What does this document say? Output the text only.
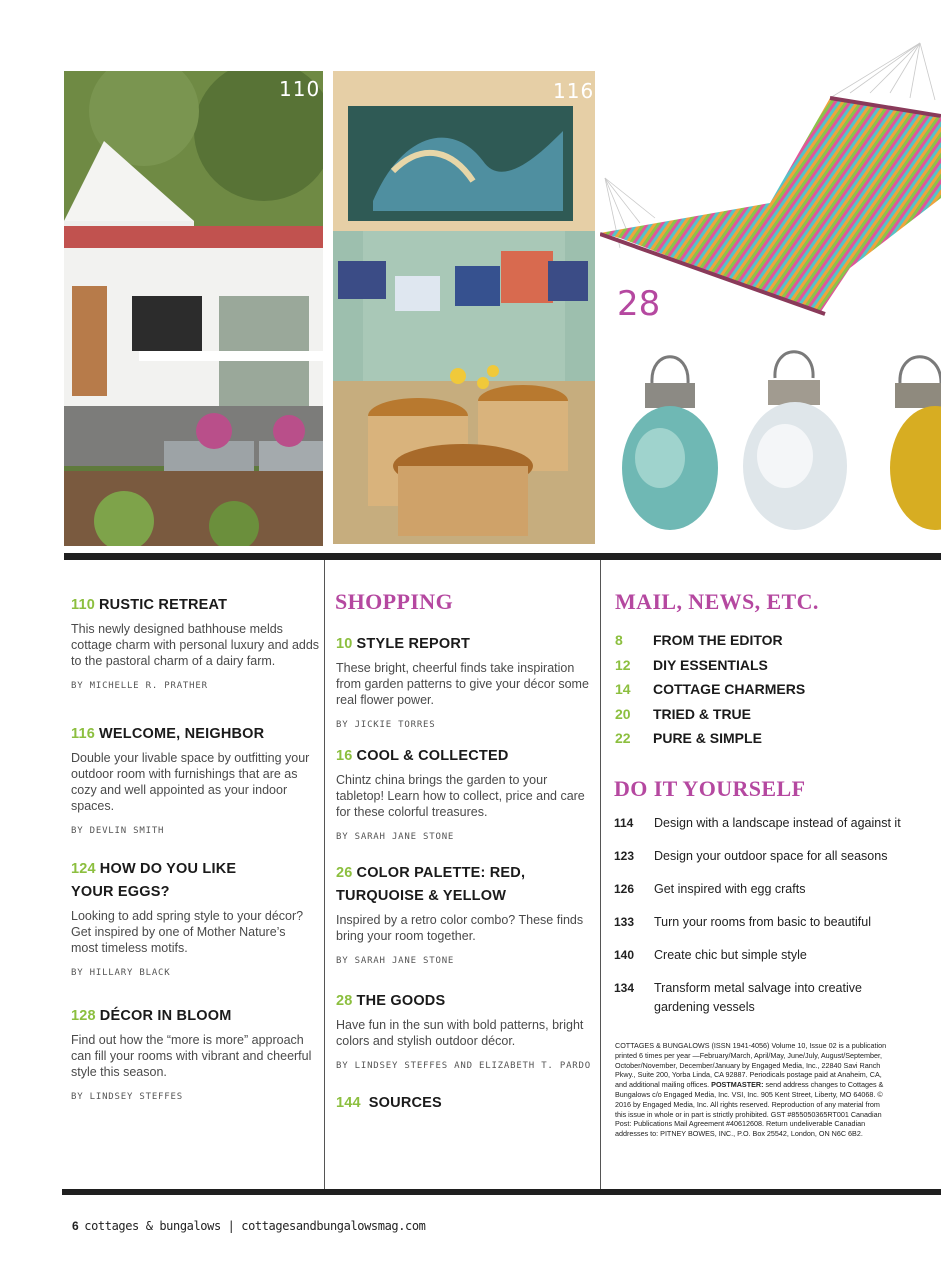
110	116
28
110 RUSTIC RETREAT

This newly designed bathhouse melds cottage charm with personal luxury and adds to the pastoral charm of a dairy farm.

BY MICHELLE R. PRATHER

116 WELCOME, NEIGHBOR

Double your livable space by outfitting your outdoor room with furnishings that are as cozy and well appointed as your indoor spaces.

BY DEVLIN SMITH

124 HOW DO YOU LIKE YOUR EGGS?

Looking to add spring style to your décor? Get inspired by one of Mother Nature’s most timeless motifs.

BY HILLARY BLACK

128 DÉCOR IN BLOOM

Find out how the “more is more” approach can fill your rooms with vibrant and cheerful style this season.

BY LINDSEY STEFFES

SHOPPING
10 STYLE REPORT

These bright, cheerful finds take inspiration from garden patterns to give your décor some real flower power.

BY JICKIE TORRES

16 COOL & COLLECTED

Chintz china brings the garden to your tabletop! Learn how to collect, price and care for these colorful treasures.

BY SARAH JANE STONE

26 COLOR PALETTE: RED, TURQUOISE & YELLOW

Inspired by a retro color combo? These finds bring your room together.

BY SARAH JANE STONE

28 THE GOODS

Have fun in the sun with bold patterns, bright colors and stylish outdoor décor.

BY LINDSEY STEFFES AND ELIZABETH T. PARDO

144 SOURCES
MAIL, NEWS, ETC.
8	FROM THE EDITOR
12	DIY ESSENTIALS
14	COTTAGE CHARMERS
20	TRIED & TRUE
22	PURE & SIMPLE
DO IT YOURSELF
114	Design with a landscape instead of against it
123	Design your outdoor space for all seasons
126	Get inspired with egg crafts
133	Turn your rooms from basic to beautiful
140	Create chic but simple style
134	Transform metal salvage into creative gardening vessels
COTTAGES & BUNGALOWS (ISSN 1941-4056) Volume 10, Issue 02 is a publication printed 6 times per year —February/March, April/May, June/July, August/September, October/November, December/January by Engaged Media, Inc., 22840 Savi Ranch Pkwy., Suite 200, Yorba Linda, CA 92887. Periodicals postage paid at Anaheim, CA, and additional mailing offices. POSTMASTER: send address changes to Cottages & Bungalows c/o Engaged Media, Inc. VSI, Inc. 905 Kent Street, Liberty, MO 64068. © 2016 by Engaged Media, Inc. All rights reserved. Reproduction of any material from this issue in whole or in part is strictly prohibited. GST #855050365RT001 Canadian Post: Publications Mail Agreement #40612608. Return undeliverable Canadian addresses to: PITNEY BOWES, INC., P.O. Box 25542, London, ON N6C 6B2.
6 cottages & bungalows | cottagesandbungalowsmag.com
